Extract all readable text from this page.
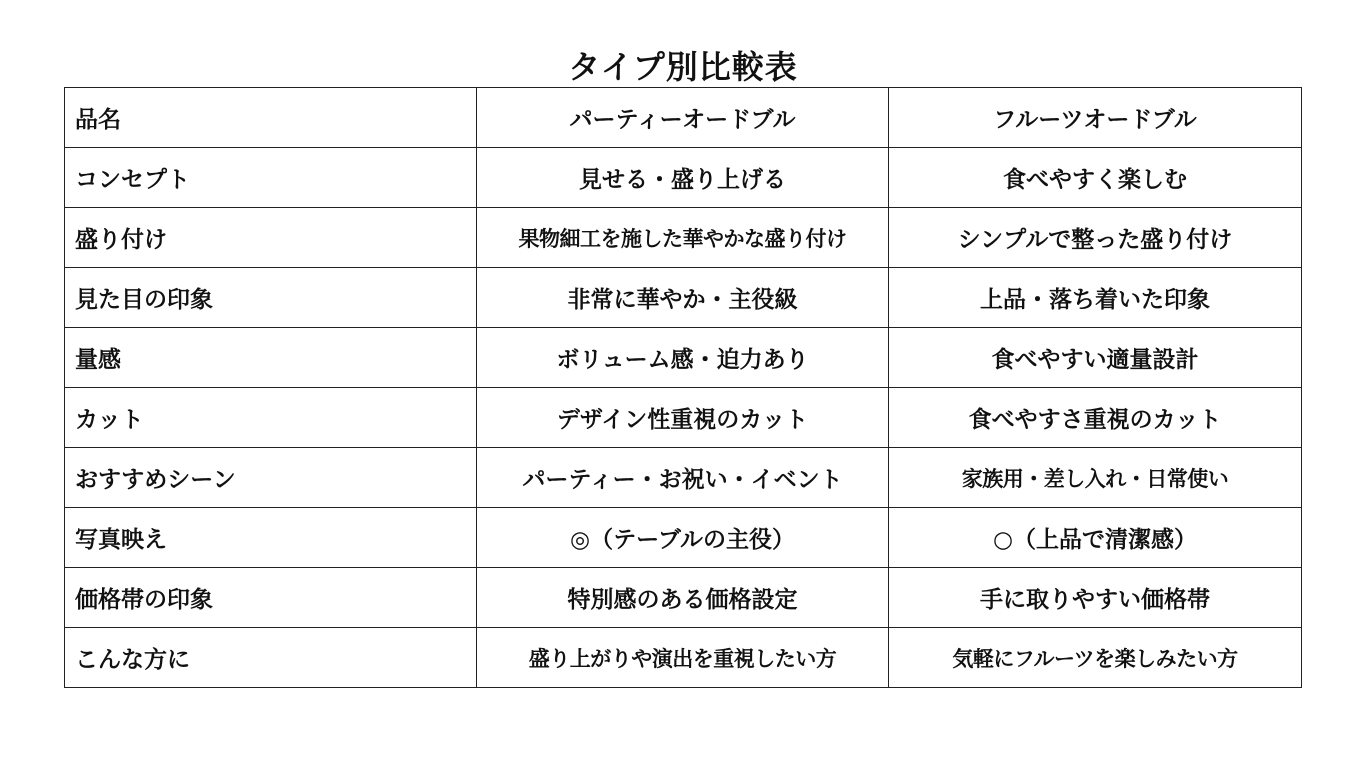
タイプ別比較表
品名	パーティーオードブル	フルーツオードブル
コンセプト	見せる・盛り上げる	食べやすく楽しむ
盛り付け	果物細工を施した華やかな盛り付け	シンプルで整った盛り付け
見た目の印象	非常に華やか・主役級	上品・落ち着いた印象
量感	ボリューム感・迫力あり	食べやすい適量設計
カット	デザイン性重視のカット	食べやすさ重視のカット
おすすめシーン	パーティー・お祝い・イベント	家族用・差し入れ・日常使い
写真映え	◎（テーブルの主役）	○（上品で清潔感）
価格帯の印象	特別感のある価格設定	手に取りやすい価格帯
こんな方に	盛り上がりや演出を重視したい方	気軽にフルーツを楽しみたい方
